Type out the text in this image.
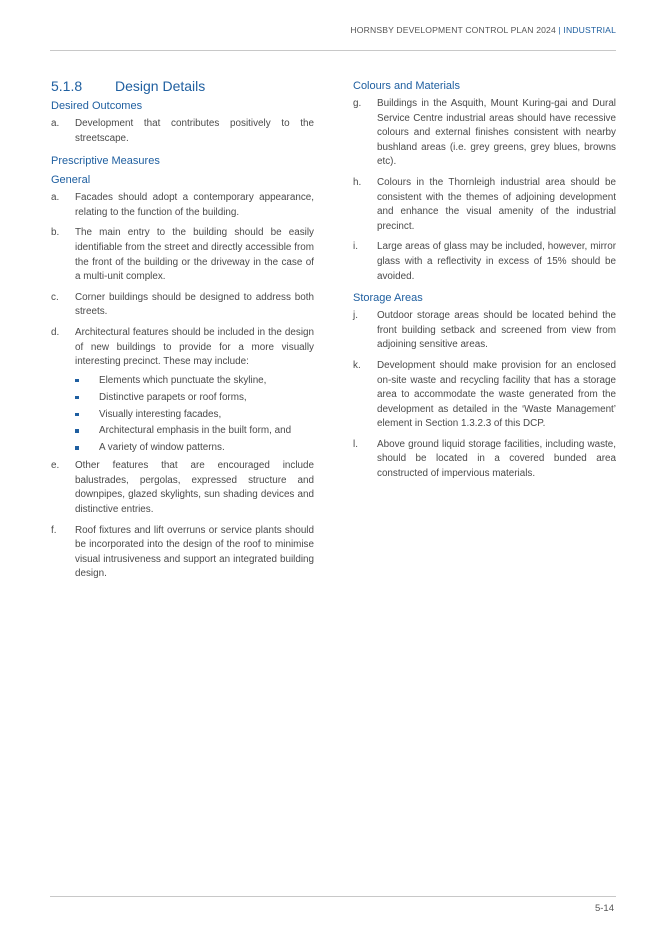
HORNSBY DEVELOPMENT CONTROL PLAN 2024 | INDUSTRIAL
5.1.8	Design Details
Desired Outcomes
a.	Development that contributes positively to the streetscape.
Prescriptive Measures
General
a.	Facades should adopt a contemporary appearance, relating to the function of the building.
b.	The main entry to the building should be easily identifiable from the street and directly accessible from the front of the building or the driveway in the case of a multi-unit complex.
c.	Corner buildings should be designed to address both streets.
d.	Architectural features should be included in the design of new buildings to provide for a more visually interesting precinct. These may include:
Elements which punctuate the skyline,
Distinctive parapets or roof forms,
Visually interesting facades,
Architectural emphasis in the built form, and
A variety of window patterns.
e.	Other features that are encouraged include balustrades, pergolas, expressed structure and downpipes, glazed skylights, sun shading devices and distinctive entries.
f.	Roof fixtures and lift overruns or service plants should be incorporated into the design of the roof to minimise visual intrusiveness and support an integrated building design.
Colours and Materials
g.	Buildings in the Asquith, Mount Kuring-gai and Dural Service Centre industrial areas should have recessive colours and external finishes consistent with nearby bushland areas (i.e. grey greens, grey blues, browns etc).
h.	Colours in the Thornleigh industrial area should be consistent with the themes of adjoining development and enhance the visual amenity of the industrial precinct.
i.	Large areas of glass may be included, however, mirror glass with a reflectivity in excess of 15% should be avoided.
Storage Areas
j.	Outdoor storage areas should be located behind the front building setback and screened from view from adjoining sensitive areas.
k.	Development should make provision for an enclosed on-site waste and recycling facility that has a storage area to accommodate the waste generated from the development as detailed in the ‘Waste Management’ element in Section 1.3.2.3 of this DCP.
l.	Above ground liquid storage facilities, including waste, should be located in a covered bunded area constructed of impervious materials.
5-14
